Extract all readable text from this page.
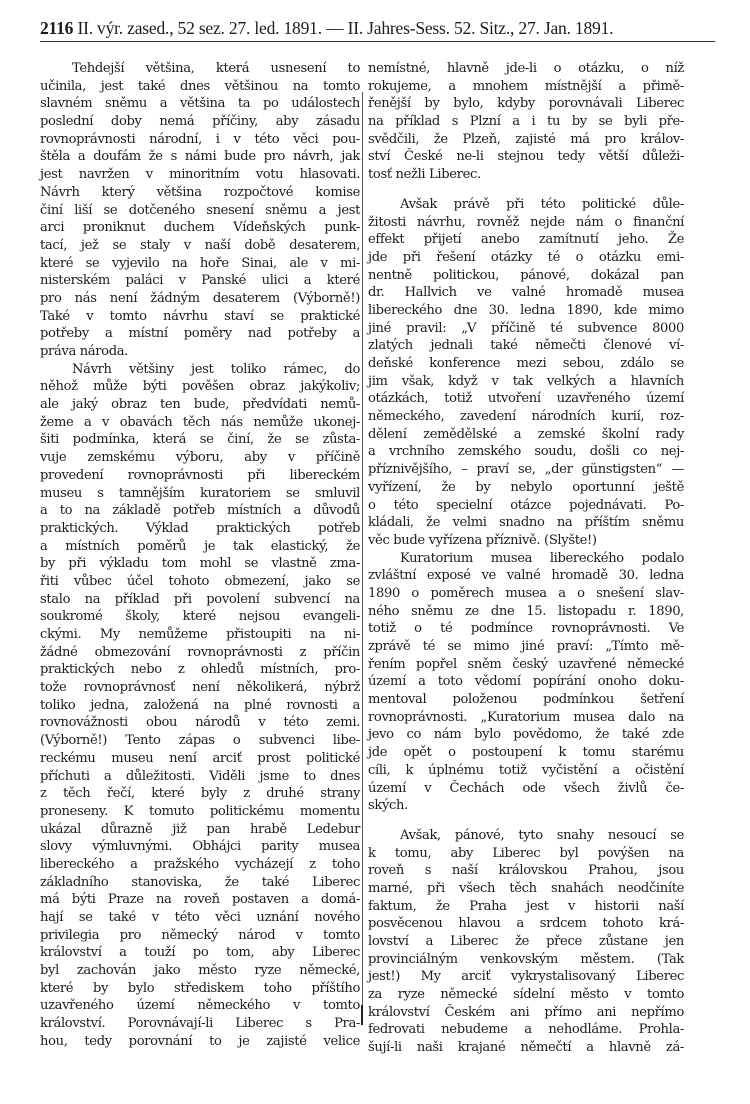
2116 II. výr. zased., 52 sez. 27. led. 1891. — II. Jahres-Sess. 52. Sitz., 27. Jan. 1891.
Tehdejší většina, která usnesení to
učinila, jest také dnes většinou na tomto
slavném sněmu a většina ta po událostech
poslední doby nemá příčiny, aby zásadu
rovnoprávnosti národní, i v této věci pou-
štěla a doufám že s námi bude pro návrh, jak
jest navržen v minoritním votu hlasovati.
Návrh který většina rozpočtové komise
činí liší se dotčeného snesení sněmu a jest
arci proniknut duchem Vídeňských punk-
tací, jež se staly v naší době desaterem,
které se vyjevilo na hoře Sinai, ale v mi-
nisterském paláci v Panské ulici a které
pro nás není žádným desaterem (Výborně!)
Také v tomto návrhu staví se praktické
potřeby a místní poměry nad potřeby a
práva národa.
Návrh většiny jest toliko rámec, do
něhož může býti pověšen obraz jakýkoliv;
ale jaký obraz ten bude, předvídati nemů-
žeme a v obavách těch nás nemůže ukonej-
šiti podmínka, která se činí, že se zůsta-
vuje zemskému výboru, aby v příčině
provedení rovnoprávnosti při libereckém
museu s tamnějším kuratoriem se smluvil
a to na základě potřeb místních a důvodů
praktických. Výklad praktických potřeb
a místních poměrů je tak elastický, že
by při výkladu tom mohl se vlastně zma-
řiti vůbec účel tohoto obmezení, jako se
stalo na příklad při povolení subvencí na
soukromé školy, které nejsou evangeli-
ckými. My nemůžeme přistoupiti na ni-
žádné obmezování rovnoprávnosti z příčin
praktických nebo z ohledů místních, pro-
tože rovnoprávnosť není několikerá, nýbrž
toliko jedna, založená na plné rovnosti a
rovnovážnosti obou národů v této zemi.
(Výborně!) Tento zápas o subvenci libe-
reckému museu není arciť prost politické
příchuti a důležitosti. Viděli jsme to dnes
z těch řečí, které byly z druhé strany
proneseny. K tomuto politickému momentu
ukázal důrazně již pan hrabě Ledebur
slovy výmluvnými. Obhájci parity musea
libereckého a pražského vycházejí z toho
základního stanoviska, že také Liberec
má býti Praze na roveň postaven a domá-
hají se také v této věci uznání nového
privilegia pro německý národ v tomto
království a touží po tom, aby Liberec
byl zachován jako město ryze německé,
které by bylo střediskem toho příštího
uzavřeného území německého v tomto
království. Porovnávají-li Liberec s Pra-
hou, tedy porovnání to je zajisté velice
nemístné, hlavně jde-li o otázku, o níž
rokujeme, a mnohem místnější a přimě-
řenější by bylo, kdyby porovnávali Liberec
na příklad s Plzní a i tu by se byli pře-
svědčili, že Plzeň, zajisté má pro králov-
ství České ne-li stejnou tedy větší důleži-
tosť nežli Liberec.
Avšak právě při této politické důle-
žitosti návrhu, rovněž nejde nám o finanční
effekt přijetí anebo zamítnutí jeho. Že
jde při řešení otázky té o otázku emi-
nentně politickou, pánové, dokázal pan
dr. Hallvich ve valné hromadě musea
libereckého dne 30. ledna 1890, kde mimo
jiné pravil: „V příčině té subvence 8000
zlatých jednali také němečti členové ví-
deňské konference mezi sebou, zdálo se
jim však, když v tak velkých a hlavních
otázkách, totiž utvoření uzavřeného území
německého, zavedení národních kurií, roz-
dělení zemědělské a zemské školní rady
a vrchního zemského soudu, došli co nej-
příznivějšího, – praví se, „der günstigsten“ —
vyřízení, že by nebylo oportunní ještě
o této specielní otázce pojednávati. Po-
kládali, že velmi snadno na příštím sněmu
věc bude vyřízena příznivě. (Slyšte!)
Kuratorium musea libereckého podalo
zvláštní exposé ve valné hromadě 30. ledna
1890 o poměrech musea a o snešení slav-
ného sněmu ze dne 15. listopadu r. 1890,
totiž o té podmínce rovnoprávnosti. Ve
zprávě té se mimo jiné praví: „Tímto mě-
řením popřel sněm český uzavřené německé
území a toto vědomí popírání onoho doku-
mentoval položenou podmínkou šetření
rovnoprávnosti. „Kuratorium musea dalo na
jevo co nám bylo povědomo, že také zde
jde opět o postoupení k tomu starému
cíli, k úplnému totiž vyčistění a očistění
území v Čechách ode všech živlů če-
ských.
Avšak, pánové, tyto snahy nesoucí se
k tomu, aby Liberec byl povýšen na
roveň s naší královskou Prahou, jsou
marné, při všech těch snahách neodčiníte
faktum, že Praha jest v historii naší
posvěcenou hlavou a srdcem tohoto krá-
lovství a Liberec že přece zůstane jen
provinciálným venkovským městem. (Tak
jest!) My arciť vykrystalisovaný Liberec
za ryze německé sídelní město v tomto
království Českém ani přímo ani nepřímo
fedrovati nebudeme a nehodláme. Prohla-
šují-li naši krajané němečtí a hlavně zá-
